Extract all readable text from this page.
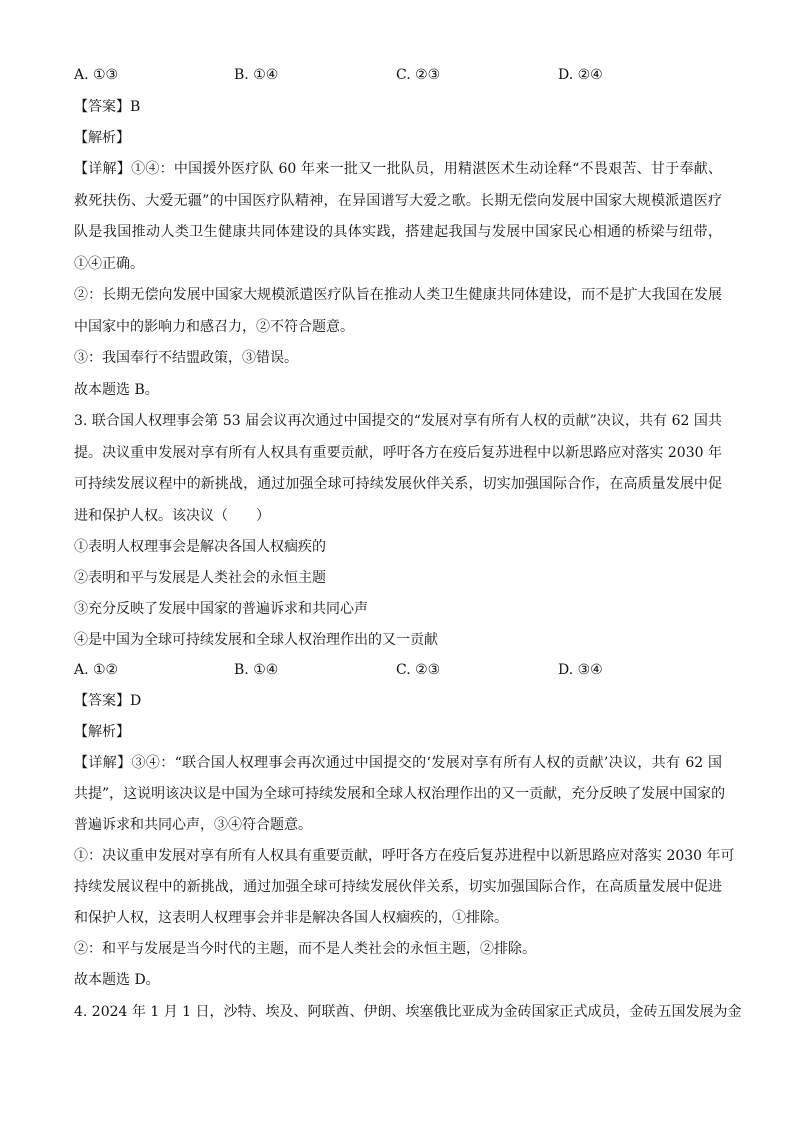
A. ①③	B. ①④	C. ②③	D. ②④
【答案】B
【解析】
【详解】①④：中国援外医疗队 60 年来一批又一批队员，用精湛医术生动诠释“不畏艰苦、甘于奉献、
救死扶伤、大爱无疆”的中国医疗队精神，在异国谱写大爱之歌。长期无偿向发展中国家大规模派遣医疗
队是我国推动人类卫生健康共同体建设的具体实践，搭建起我国与发展中国家民心相通的桥梁与纽带，
①④正确。
②：长期无偿向发展中国家大规模派遣医疗队旨在推动人类卫生健康共同体建设，而不是扩大我国在发展
中国家中的影响力和感召力，②不符合题意。
③：我国奉行不结盟政策，③错误。
故本题选 B。
3. 联合国人权理事会第 53 届会议再次通过中国提交的“发展对享有所有人权的贡献”决议，共有 62 国共
提。决议重申发展对享有所有人权具有重要贡献，呼吁各方在疫后复苏进程中以新思路应对落实 2030 年
可持续发展议程中的新挑战，通过加强全球可持续发展伙伴关系，切实加强国际合作，在高质量发展中促
进和保护人权。该决议（　　）
①表明人权理事会是解决各国人权痼疾的
②表明和平与发展是人类社会的永恒主题
③充分反映了发展中国家的普遍诉求和共同心声
④是中国为全球可持续发展和全球人权治理作出的又一贡献
A. ①②	B. ①④	C. ②③	D. ③④
【答案】D
【解析】
【详解】③④：“联合国人权理事会再次通过中国提交的‘发展对享有所有人权的贡献’决议，共有 62 国
共提”，这说明该决议是中国为全球可持续发展和全球人权治理作出的又一贡献，充分反映了发展中国家的
普遍诉求和共同心声，③④符合题意。
①：决议重申发展对享有所有人权具有重要贡献，呼吁各方在疫后复苏进程中以新思路应对落实 2030 年可
持续发展议程中的新挑战，通过加强全球可持续发展伙伴关系，切实加强国际合作，在高质量发展中促进
和保护人权，这表明人权理事会并非是解决各国人权痼疾的，①排除。
②：和平与发展是当今时代的主题，而不是人类社会的永恒主题，②排除。
故本题选 D。
4. 2024 年 1 月 1 日，沙特、埃及、阿联酋、伊朗、埃塞俄比亚成为金砖国家正式成员，金砖五国发展为金
